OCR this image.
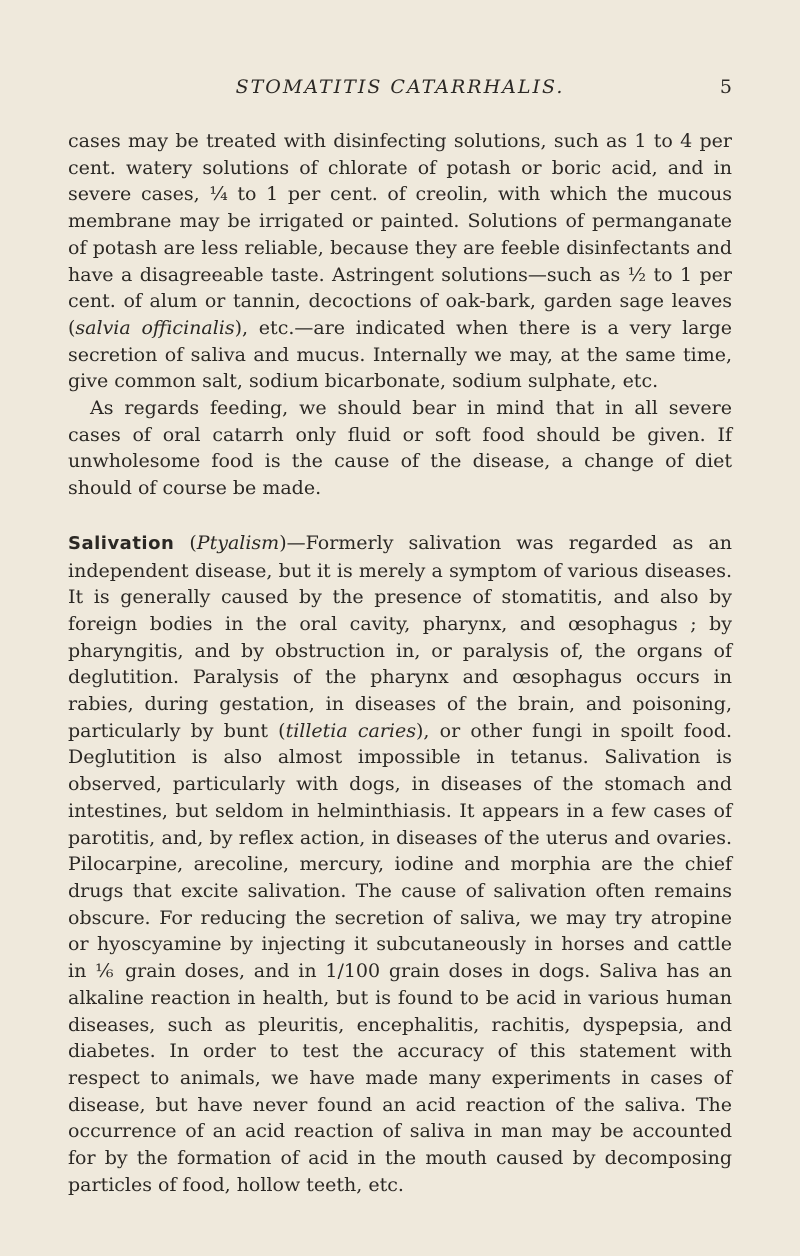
STOMATITIS CATARRHALIS.	5

cases may be treated with disinfecting solutions, such as 1 to 4 per cent. watery solutions of chlorate of potash or boric acid, and in severe cases, ¼ to 1 per cent. of creolin, with which the mucous membrane may be irrigated or painted. Solutions of permanganate of potash are less reliable, because they are feeble disinfectants and have a disagreeable taste. Astringent solutions—such as ½ to 1 per cent. of alum or tannin, decoctions of oak-bark, garden sage leaves (salvia officinalis), etc.—are indicated when there is a very large secretion of saliva and mucus. Internally we may, at the same time, give common salt, sodium bicarbonate, sodium sulphate, etc.

As regards feeding, we should bear in mind that in all severe cases of oral catarrh only fluid or soft food should be given. If unwholesome food is the cause of the disease, a change of diet should of course be made.

Salivation (Ptyalism)—Formerly salivation was regarded as an independent disease, but it is merely a symptom of various diseases. It is generally caused by the presence of stomatitis, and also by foreign bodies in the oral cavity, pharynx, and œsophagus ; by pharyngitis, and by obstruction in, or paralysis of, the organs of deglutition. Paralysis of the pharynx and œsophagus occurs in rabies, during gestation, in diseases of the brain, and poisoning, particularly by bunt (tilletia caries), or other fungi in spoilt food. Deglutition is also almost impossible in tetanus. Salivation is observed, particularly with dogs, in diseases of the stomach and intestines, but seldom in helminthiasis. It appears in a few cases of parotitis, and, by reflex action, in diseases of the uterus and ovaries. Pilocarpine, arecoline, mercury, iodine and morphia are the chief drugs that excite salivation. The cause of salivation often remains obscure. For reducing the secretion of saliva, we may try atropine or hyoscyamine by injecting it subcutaneously in horses and cattle in ⅙ grain doses, and in 1/100 grain doses in dogs. Saliva has an alkaline reaction in health, but is found to be acid in various human diseases, such as pleuritis, encephalitis, rachitis, dyspepsia, and diabetes. In order to test the accuracy of this statement with respect to animals, we have made many experiments in cases of disease, but have never found an acid reaction of the saliva. The occurrence of an acid reaction of saliva in man may be accounted for by the formation of acid in the mouth caused by decomposing particles of food, hollow teeth, etc.
